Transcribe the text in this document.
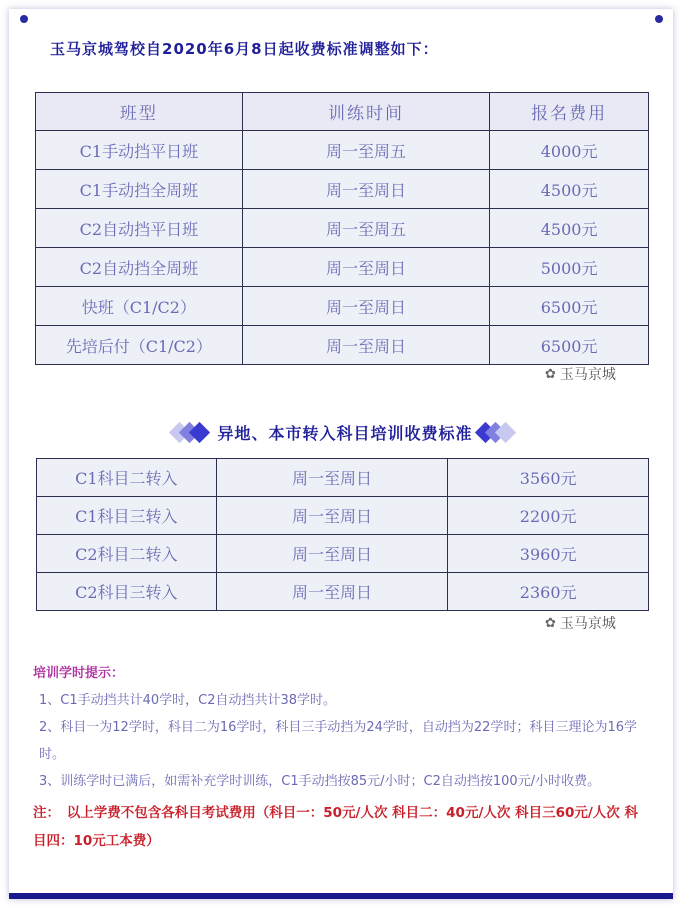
玉马京城驾校自2020年6月8日起收费标准调整如下：
班型	训练时间	报名费用
C1手动挡平日班	周一至周五	4000元
C1手动挡全周班	周一至周日	4500元
C2自动挡平日班	周一至周五	4500元
C2自动挡全周班	周一至周日	5000元
快班（C1/C2）	周一至周日	6500元
先培后付（C1/C2）	周一至周日	6500元
✿ 玉马京城
异地、本市转入科目培训收费标准
C1科目二转入	周一至周日	3560元
C1科目三转入	周一至周日	2200元
C2科目二转入	周一至周日	3960元
C2科目三转入	周一至周日	2360元
✿ 玉马京城

培训学时提示：

1、C1手动挡共计40学时，C2自动挡共计38学时。

2、科目一为12学时，科目二为16学时，科目三手动挡为24学时，自动挡为22学时；科目三理论为16学时。

3、训练学时已满后，如需补充学时训练，C1手动挡按85元/小时；C2自动挡按100元/小时收费。

注：　以上学费不包含各科目考试费用（科目一：50元/人次 科目二：40元/人次 科目三60元/人次 科目四：10元工本费）
